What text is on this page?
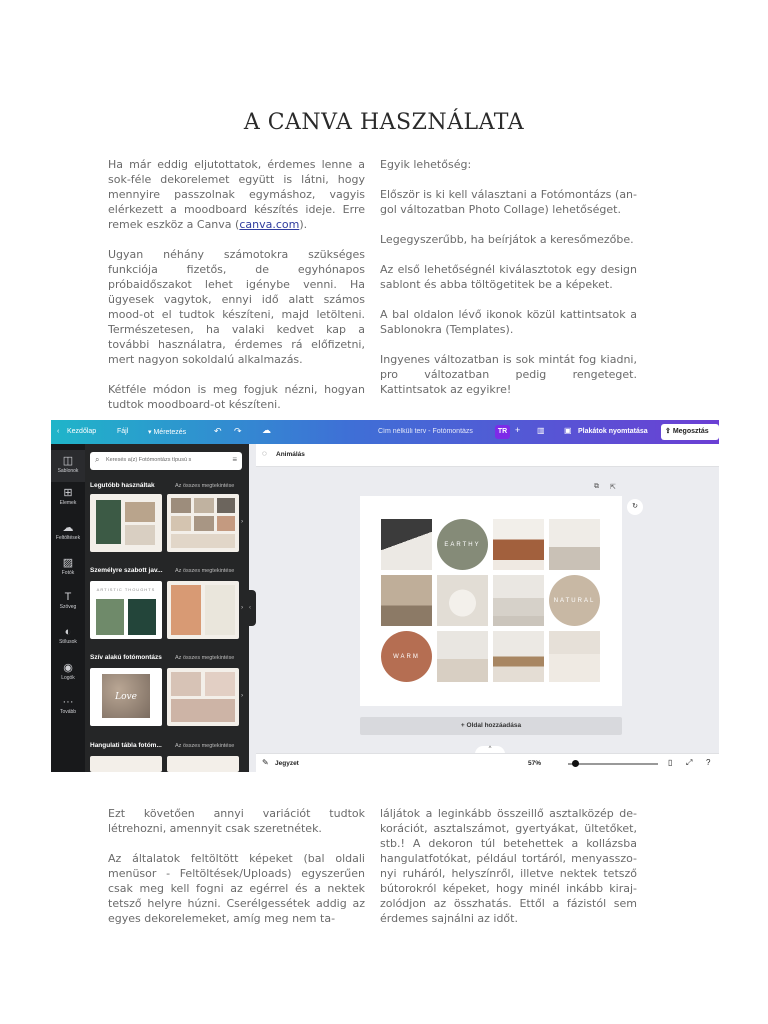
A CANVA HASZNÁLATA

Ha már eddig eljutottatok, érdemes lenne a sok-féle dekorelemet együtt is látni, hogy mennyire passzolnak egymáshoz, vagyis elérkezett a moodboard készítés ideje. Erre remek eszköz a Canva (canva.com).

Ugyan néhány számotokra szükséges funkciója fizetős, de egyhónapos próbaidőszakot lehet igénybe venni. Ha ügyesek vagytok, ennyi idő alatt számos mood-ot el tudtok készíteni, majd letölteni. Természetesen, ha valaki kedvet kap a további használatra, érdemes rá előfizetni, mert nagyon sokoldalú alkalmazás.

Kétféle módon is meg fogjuk nézni, hogyan tudtok moodboard-ot készíteni.

Egyik lehetőség:

Először is ki kell választani a Fotómontázs (an-gol változatban Photo Collage) lehetőséget.

Legegyszerűbb, ha beírjátok a keresőmezőbe.

Az első lehetőségnél kiválasztotok egy design sablont és abba töltögetitek be a képeket.

A bal oldalon lévő ikonok közül kattintsatok a Sablonokra (Templates).

Ingyenes változatban is sok mintát fog kiadni, pro változatban pedig rengeteget. Kattintsatok az egyikre!

‹ Kezdőlap	Fájl	▾ Méretezés	↶ ↷ ☁	Cím nélküli terv - Fotómontázs	TR + ▥ ▣ Plakátok nyomtatása	⇪ Megosztás
◫
Sablonok
⊞
Elemek
☁
Feltöltések
▨
Fotók
T
Szöveg
◐
Stílusok
◉
Logók
···
Tovább
⌕ Keresés a(z) Fotómontázs típusú s	≡
Legutóbb használtak	Az összes megtekintése
›
Személyre szabott jav... Az összes megtekintése
ARTISTIC THOUGHTS
›
Szív alakú fotómontázs Az összes megtekintése
Love	›
Hangulati tábla fotóm... Az összes megtekintése
‹
◌ Animálás
⧉ ⇱
↻
EARTHY
NATURAL
WARM
+ Oldal hozzáadása
^
✎ Jegyzet	57%	▯ ⤢ ?

Ezt követően annyi variációt tudtok létrehozni, amennyit csak szeretnétek.

Az általatok feltöltött képeket (bal oldali menüsor - Feltöltések/Uploads) egyszerűen csak meg kell fogni az egérrel és a nektek tetsző helyre húzni. Cserélgessétek addig az egyes dekorelemeket, amíg meg nem ta-

láljátok a leginkább összeillő asztalközép de-korációt, asztalszámot, gyertyákat, ültetőket, stb.! A dekoron túl betehettek a kollázsba hangulatfotókat, például tortáról, menyasszo-nyi ruháról, helyszínről, illetve nektek tetsző bútorokról képeket, hogy minél inkább kiraj-zolódjon az összhatás. Ettől a fázistól sem érdemes sajnálni az időt.
